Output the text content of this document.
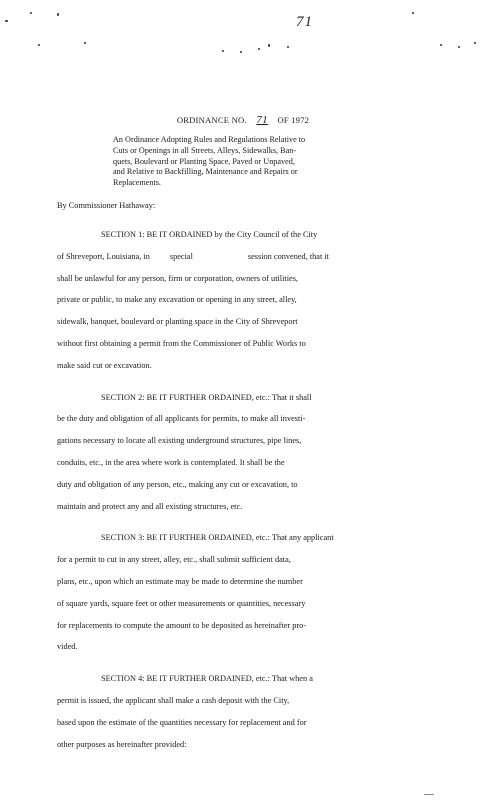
71
ORDINANCE NO. 71 OF 1972
An Ordinance Adopting Rules and Regulations Relative to
Cuts or Openings in all Streets, Alleys, Sidewalks, Ban-
quets, Boulevard or Planting Space, Paved or Unpaved,
and Relative to Backfilling, Maintenance and Repairs or
Replacements.
By Commissioner Hathaway:
SECTION 1: BE IT ORDAINED by the City Council of the City
of Shreveport, Louisiana, in special	session convened, that it
shall be unlawful for any person, firm or corporation, owners of utilities,
private or public, to make any excavation or opening in any street, alley,
sidewalk, banquet, boulevard or planting space in the City of Shreveport
without first obtaining a permit from the Commissioner of Public Works to
make said cut or excavation.
SECTION 2: BE IT FURTHER ORDAINED, etc.: That it shall
be the duty and obligation of all applicants for permits, to make all investi-
gations necessary to locate all existing underground structures, pipe lines,
conduits, etc., in the area where work is contemplated. It shall be the
duty and obligation of any person, etc., making any cut or excavation, to
maintain and protect any and all existing structures, etc.
SECTION 3: BE IT FURTHER ORDAINED, etc.: That any applicant
for a permit to cut in any street, alley, etc., shall submit sufficient data,
plans, etc., upon which an estimate may be made to determine the number
of square yards, square feet or other measurements or quantities, necessary
for replacements to compute the amount to be deposited as hereinafter pro-
vided.
SECTION 4: BE IT FURTHER ORDAINED, etc.: That when a
permit is issued, the applicant shall make a cash deposit with the City,
based upon the estimate of the quantities necessary for replacement and for
other purposes as hereinafter provided:
